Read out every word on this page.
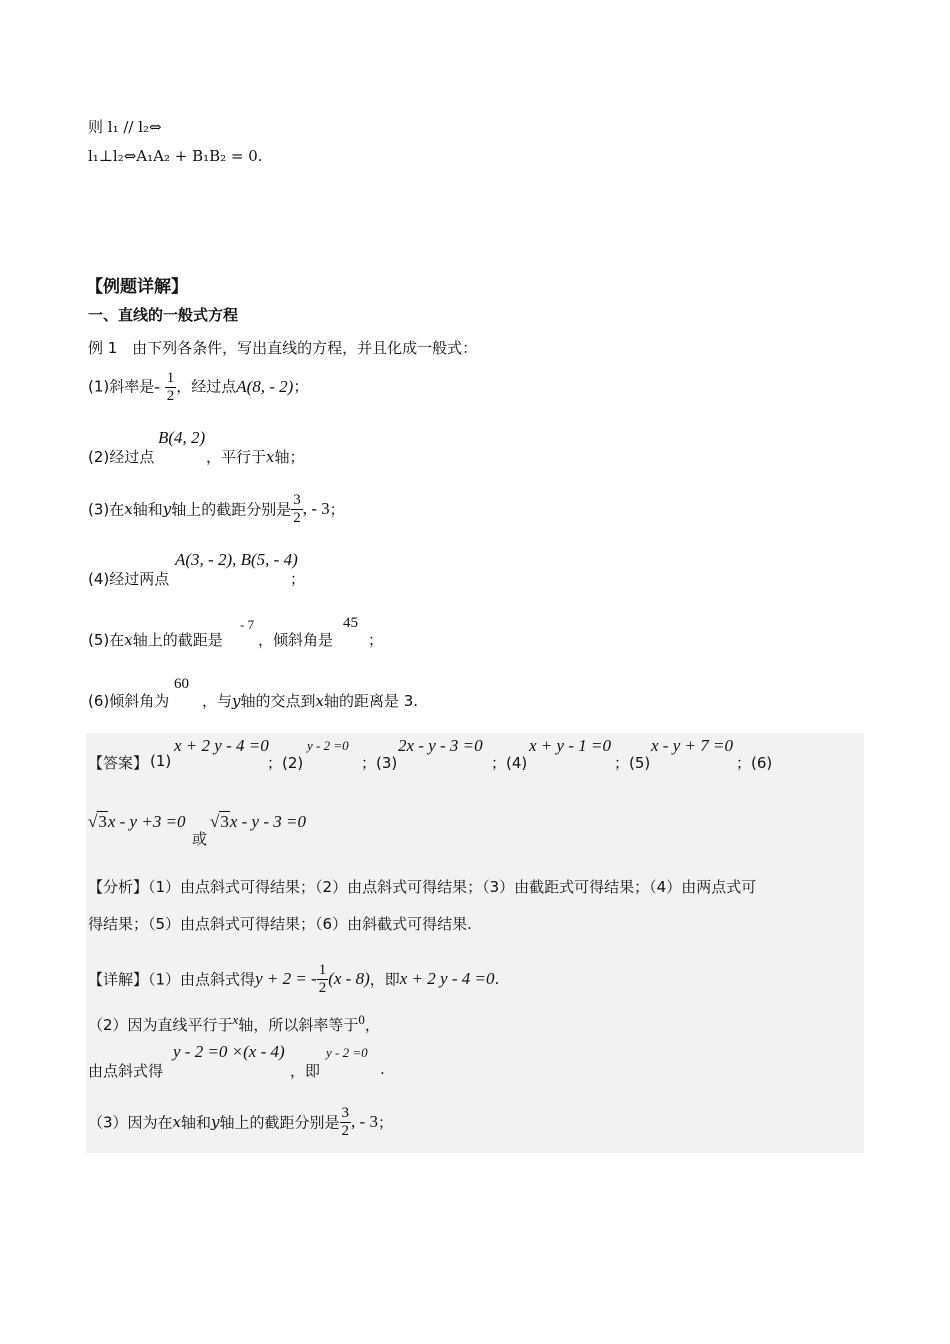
则 l₁ // l₂⇔
l₁⊥l₂⇔A₁A₂ + B₁B₂ = 0.
【例题详解】
一、直线的一般式方程
例 1 由下列各条件，写出直线的方程，并且化成一般式：
(1)斜率是- $\frac{1}{2}$ ，经过点A(8, - 2)；
(2)经过点
B(4, 2)
，平行于x轴；
(3)在x轴和y轴上的截距分别是 $\frac{3}{2}$ , - 3；
(4)经过两点
A(3, - 2), B(5, - 4)
；
(5)在x轴上的截距是
- 7
，倾斜角是
45
；
(6)倾斜角为
60
，与y轴的交点到x轴的距离是 3.
【答案】 (1)
x + 2 y - 4 =0
；(2)
y - 2 =0
；(3)
2x - y - 3 =0
；(4)
x + y - 1 =0
；(5)
x - y + 7 =0
；(6)
√3x - y +3 =0
或
√3x - y - 3 =0
【分析】（1）由点斜式可得结果；（2）由点斜式可得结果；（3）由截距式可得结果；（4）由两点式可
得结果；（5）由点斜式可得结果；（6）由斜截式可得结果.
【详解】（1）由点斜式得y + 2 = - $\frac{1}{2} (x - 8)$，即x + 2 y - 4 =0.
（2）因为直线平行于$^x$轴，所以斜率等于$^0$，
由点斜式得
y - 2 =0 ×(x - 4)
，即
y - 2 =0
.
（3）因为在x轴和y轴上的截距分别是 $\frac{3}{2}$ , - 3；
